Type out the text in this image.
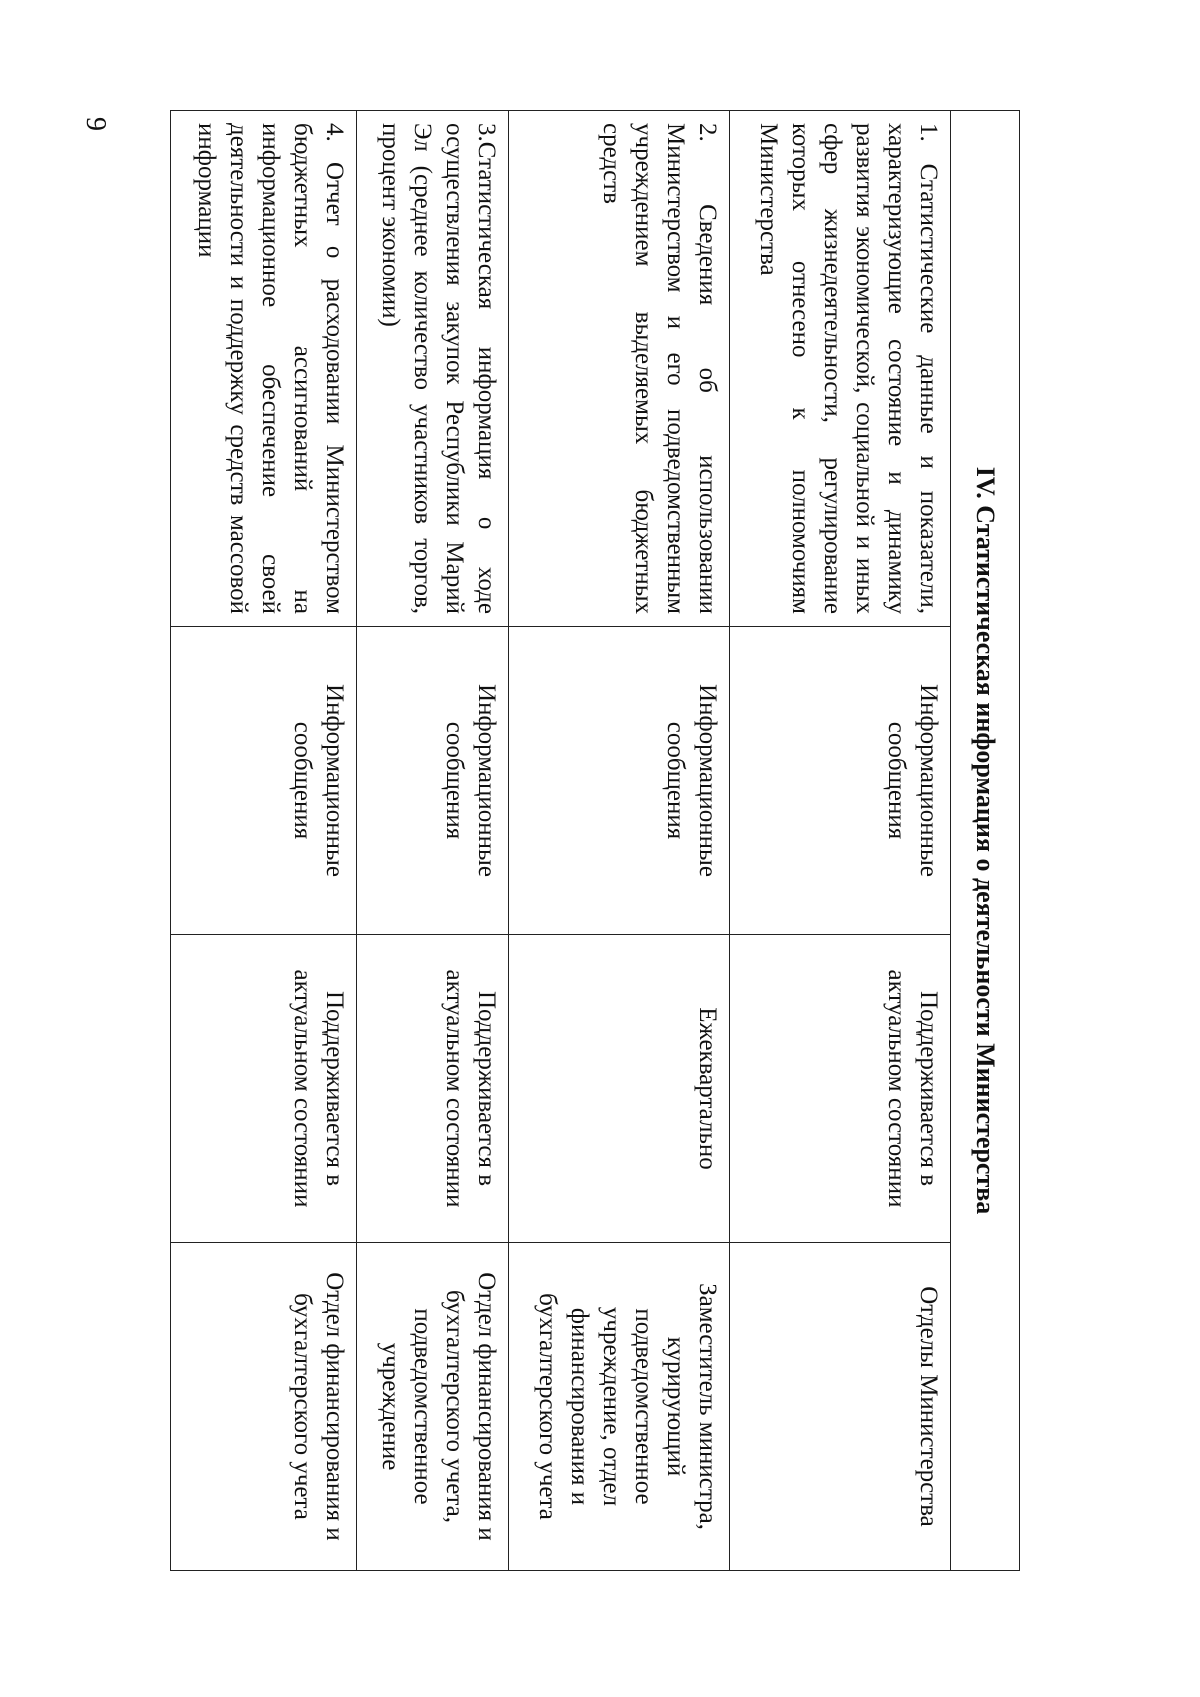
9
IV. Статистическая информация о деятельности Министерства			
1. Статистические данные и показатели, характеризующие состояние и динамику развития экономической, социальной и иных сфер жизнедеятельности, регулирование которых отнесено к полномочиям Министерства	Информационные сообщения	Поддерживается в актуальном состоянии	Отделы Министерства
2. Сведения об использовании Министерством и его подведомственным учреждением выделяемых бюджетных средств	Информационные сообщения	Ежеквартально	Заместитель министра, курирующий подведомственное учреждение, отдел финансирования и бухгалтерского учета
3.Статистическая информация о ходе осуществления закупок Республики Марий Эл (среднее количество участников торгов, процент экономии)	Информационные сообщения	Поддерживается в актуальном состоянии	Отдел финансирования и бухгалтерского учета, подведомственное учреждение
4. Отчет о расходовании Министерством бюджетных ассигнований на информационное обеспечение своей деятельности и поддержку средств массовой информации	Информационные сообщения	Поддерживается в актуальном состоянии	Отдел финансирования и бухгалтерского учета
